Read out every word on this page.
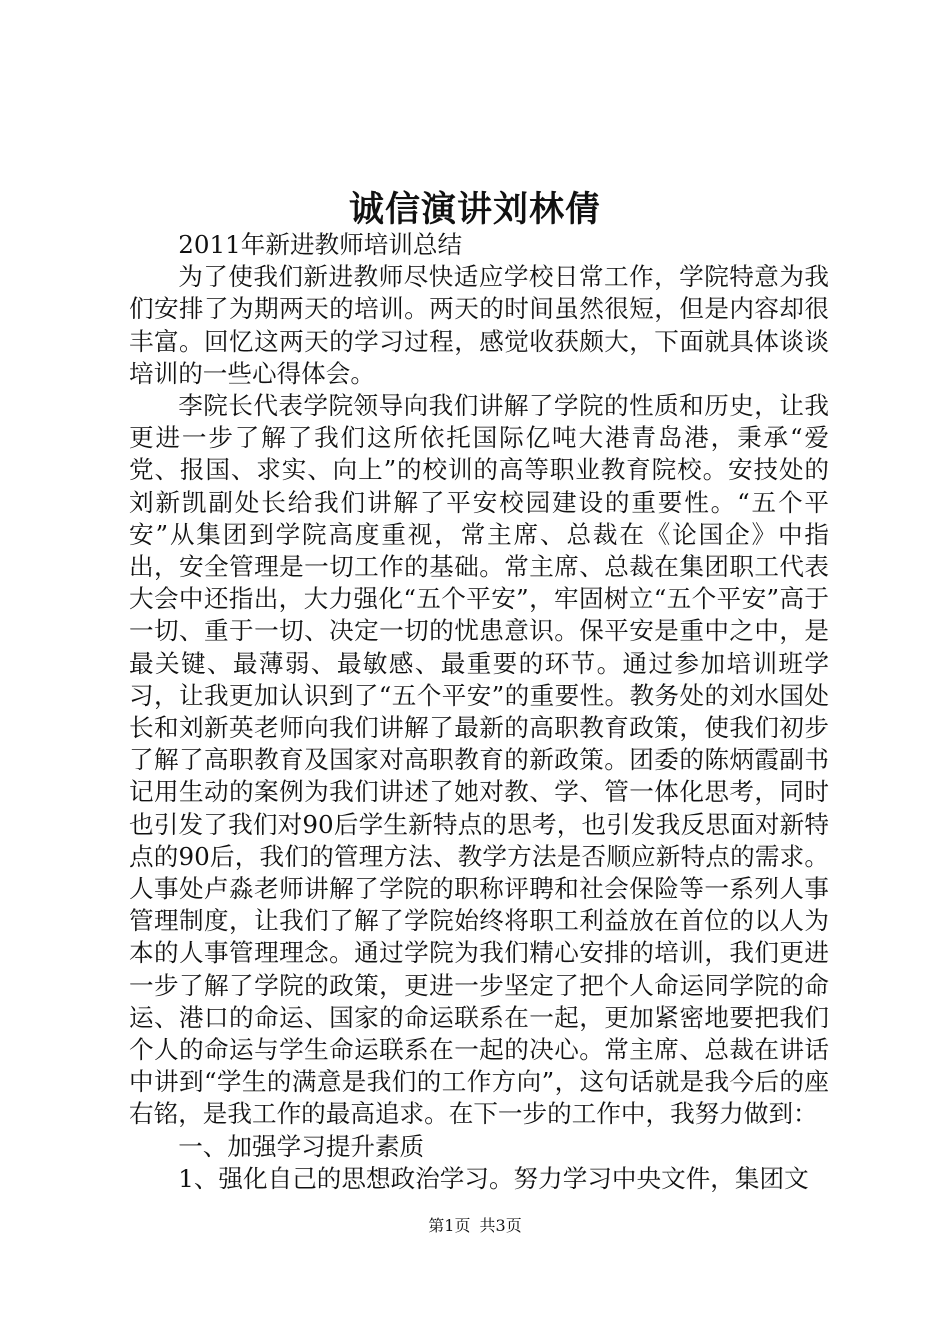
诚信演讲刘林倩

2011年新进教师培训总结

为了使我们新进教师尽快适应学校日常工作，学院特意为我们安排了为期两天的培训。两天的时间虽然很短，但是内容却很丰富。回忆这两天的学习过程，感觉收获颇大，下面就具体谈谈培训的一些心得体会。

李院长代表学院领导向我们讲解了学院的性质和历史，让我更进一步了解了我们这所依托国际亿吨大港青岛港，秉承“爱党、报国、求实、向上”的校训的高等职业教育院校。安技处的刘新凯副处长给我们讲解了平安校园建设的重要性。“五个平安”从集团到学院高度重视，常主席、总裁在《论国企》中指出，安全管理是一切工作的基础。常主席、总裁在集团职工代表大会中还指出，大力强化“五个平安”，牢固树立“五个平安”高于一切、重于一切、决定一切的忧患意识。保平安是重中之中，是最关键、最薄弱、最敏感、最重要的环节。通过参加培训班学习，让我更加认识到了“五个平安”的重要性。教务处的刘水国处长和刘新英老师向我们讲解了最新的高职教育政策，使我们初步了解了高职教育及国家对高职教育的新政策。团委的陈炳霞副书记用生动的案例为我们讲述了她对教、学、管一体化思考，同时也引发了我们对90后学生新特点的思考，也引发我反思面对新特点的90后，我们的管理方法、教学方法是否顺应新特点的需求。人事处卢淼老师讲解了学院的职称评聘和社会保险等一系列人事管理制度，让我们了解了学院始终将职工利益放在首位的以人为本的人事管理理念。通过学院为我们精心安排的培训，我们更进一步了解了学院的政策，更进一步坚定了把个人命运同学院的命运、港口的命运、国家的命运联系在一起，更加紧密地要把我们个人的命运与学生命运联系在一起的决心。常主席、总裁在讲话中讲到“学生的满意是我们的工作方向”，这句话就是我今后的座右铭，是我工作的最高追求。在下一步的工作中，我努力做到：

一、加强学习提升素质

1、强化自己的思想政治学习。努力学习中央文件，集团文

第1页 共3页
